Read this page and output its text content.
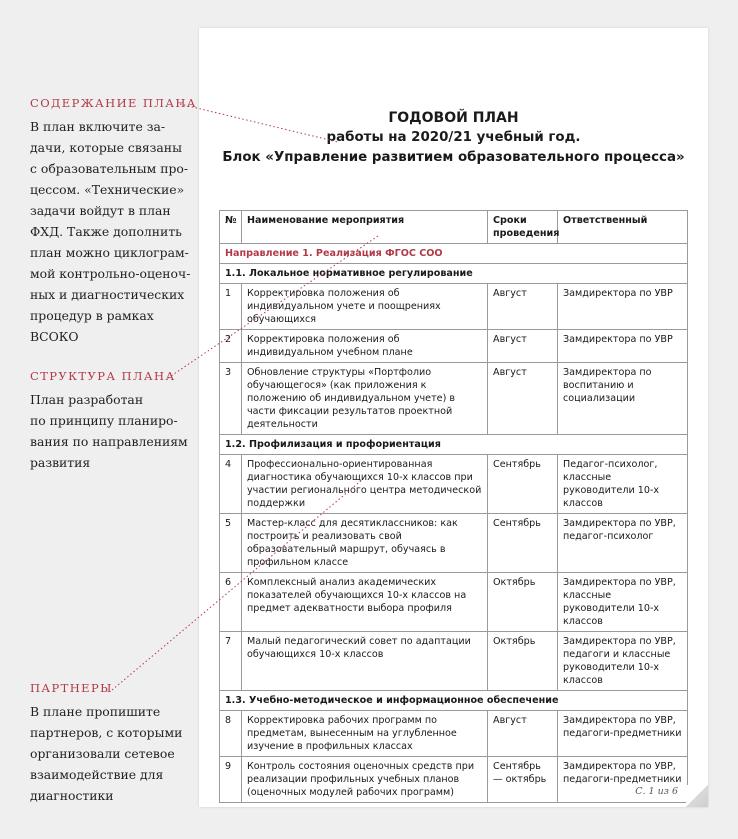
СОДЕРЖАНИЕ ПЛАНА
В план включите за-
дачи, которые связаны
с образовательным про-
цессом. «Технические»
задачи войдут в план
ФХД. Также дополнить
план можно циклограм-
мой контрольно-оценоч-
ных и диагностических
процедур в рамках
ВСОКО
СТРУКТУРА ПЛАНА
План разработан
по принципу планиро-
вания по направлениям
развития
ПАРТНЕРЫ
В плане пропишите
партнеров, с которыми
организовали сетевое
взаимодействие для
диагностики
ГОДОВОЙ ПЛАН
работы на 2020/21 учебный год.
Блок «Управление развитием образовательного процесса»
№	Наименование мероприятия	Сроки проведения	Ответственный
Направление 1. Реализация ФГОС СОО			
1.1. Локальное нормативное регулирование			
1	Корректировка положения об индивидуальном учете и поощрениях обучающихся	Август	Замдиректора по УВР
2	Корректировка положения об индивидуальном учебном плане	Август	Замдиректора по УВР
3	Обновление структуры «Портфолио обучающегося» (как приложения к положению об индивидуальном учете) в части фиксации результатов проектной деятельности	Август	Замдиректора по воспитанию и социализации
1.2. Профилизация и профориентация			
4	Профессионально-ориентированная диагностика обучающихся 10-х классов при участии регионального центра методической поддержки	Сентябрь	Педагог-психолог, классные руководители 10-х классов
5	Мастер-класс для десятиклассников: как построить и реализовать свой образовательный маршрут, обучаясь в профильном классе	Сентябрь	Замдиректора по УВР, педагог-психолог
6	Комплексный анализ академических показателей обучающихся 10-х классов на предмет адекватности выбора профиля	Октябрь	Замдиректора по УВР, классные руководители 10-х классов
7	Малый педагогический совет по адаптации обучающихся 10-х классов	Октябрь	Замдиректора по УВР, педагоги и классные руководители 10-х классов
1.3. Учебно-методическое и информационное обеспечение			
8	Корректировка рабочих программ по предметам, вынесенным на углубленное изучение в профильных классах	Август	Замдиректора по УВР, педагоги-предметники
9	Контроль состояния оценочных средств при реализации профильных учебных планов (оценочных модулей рабочих программ)	Сентябрь — октябрь	Замдиректора по УВР, педагоги-предметники
С. 1 из 6
